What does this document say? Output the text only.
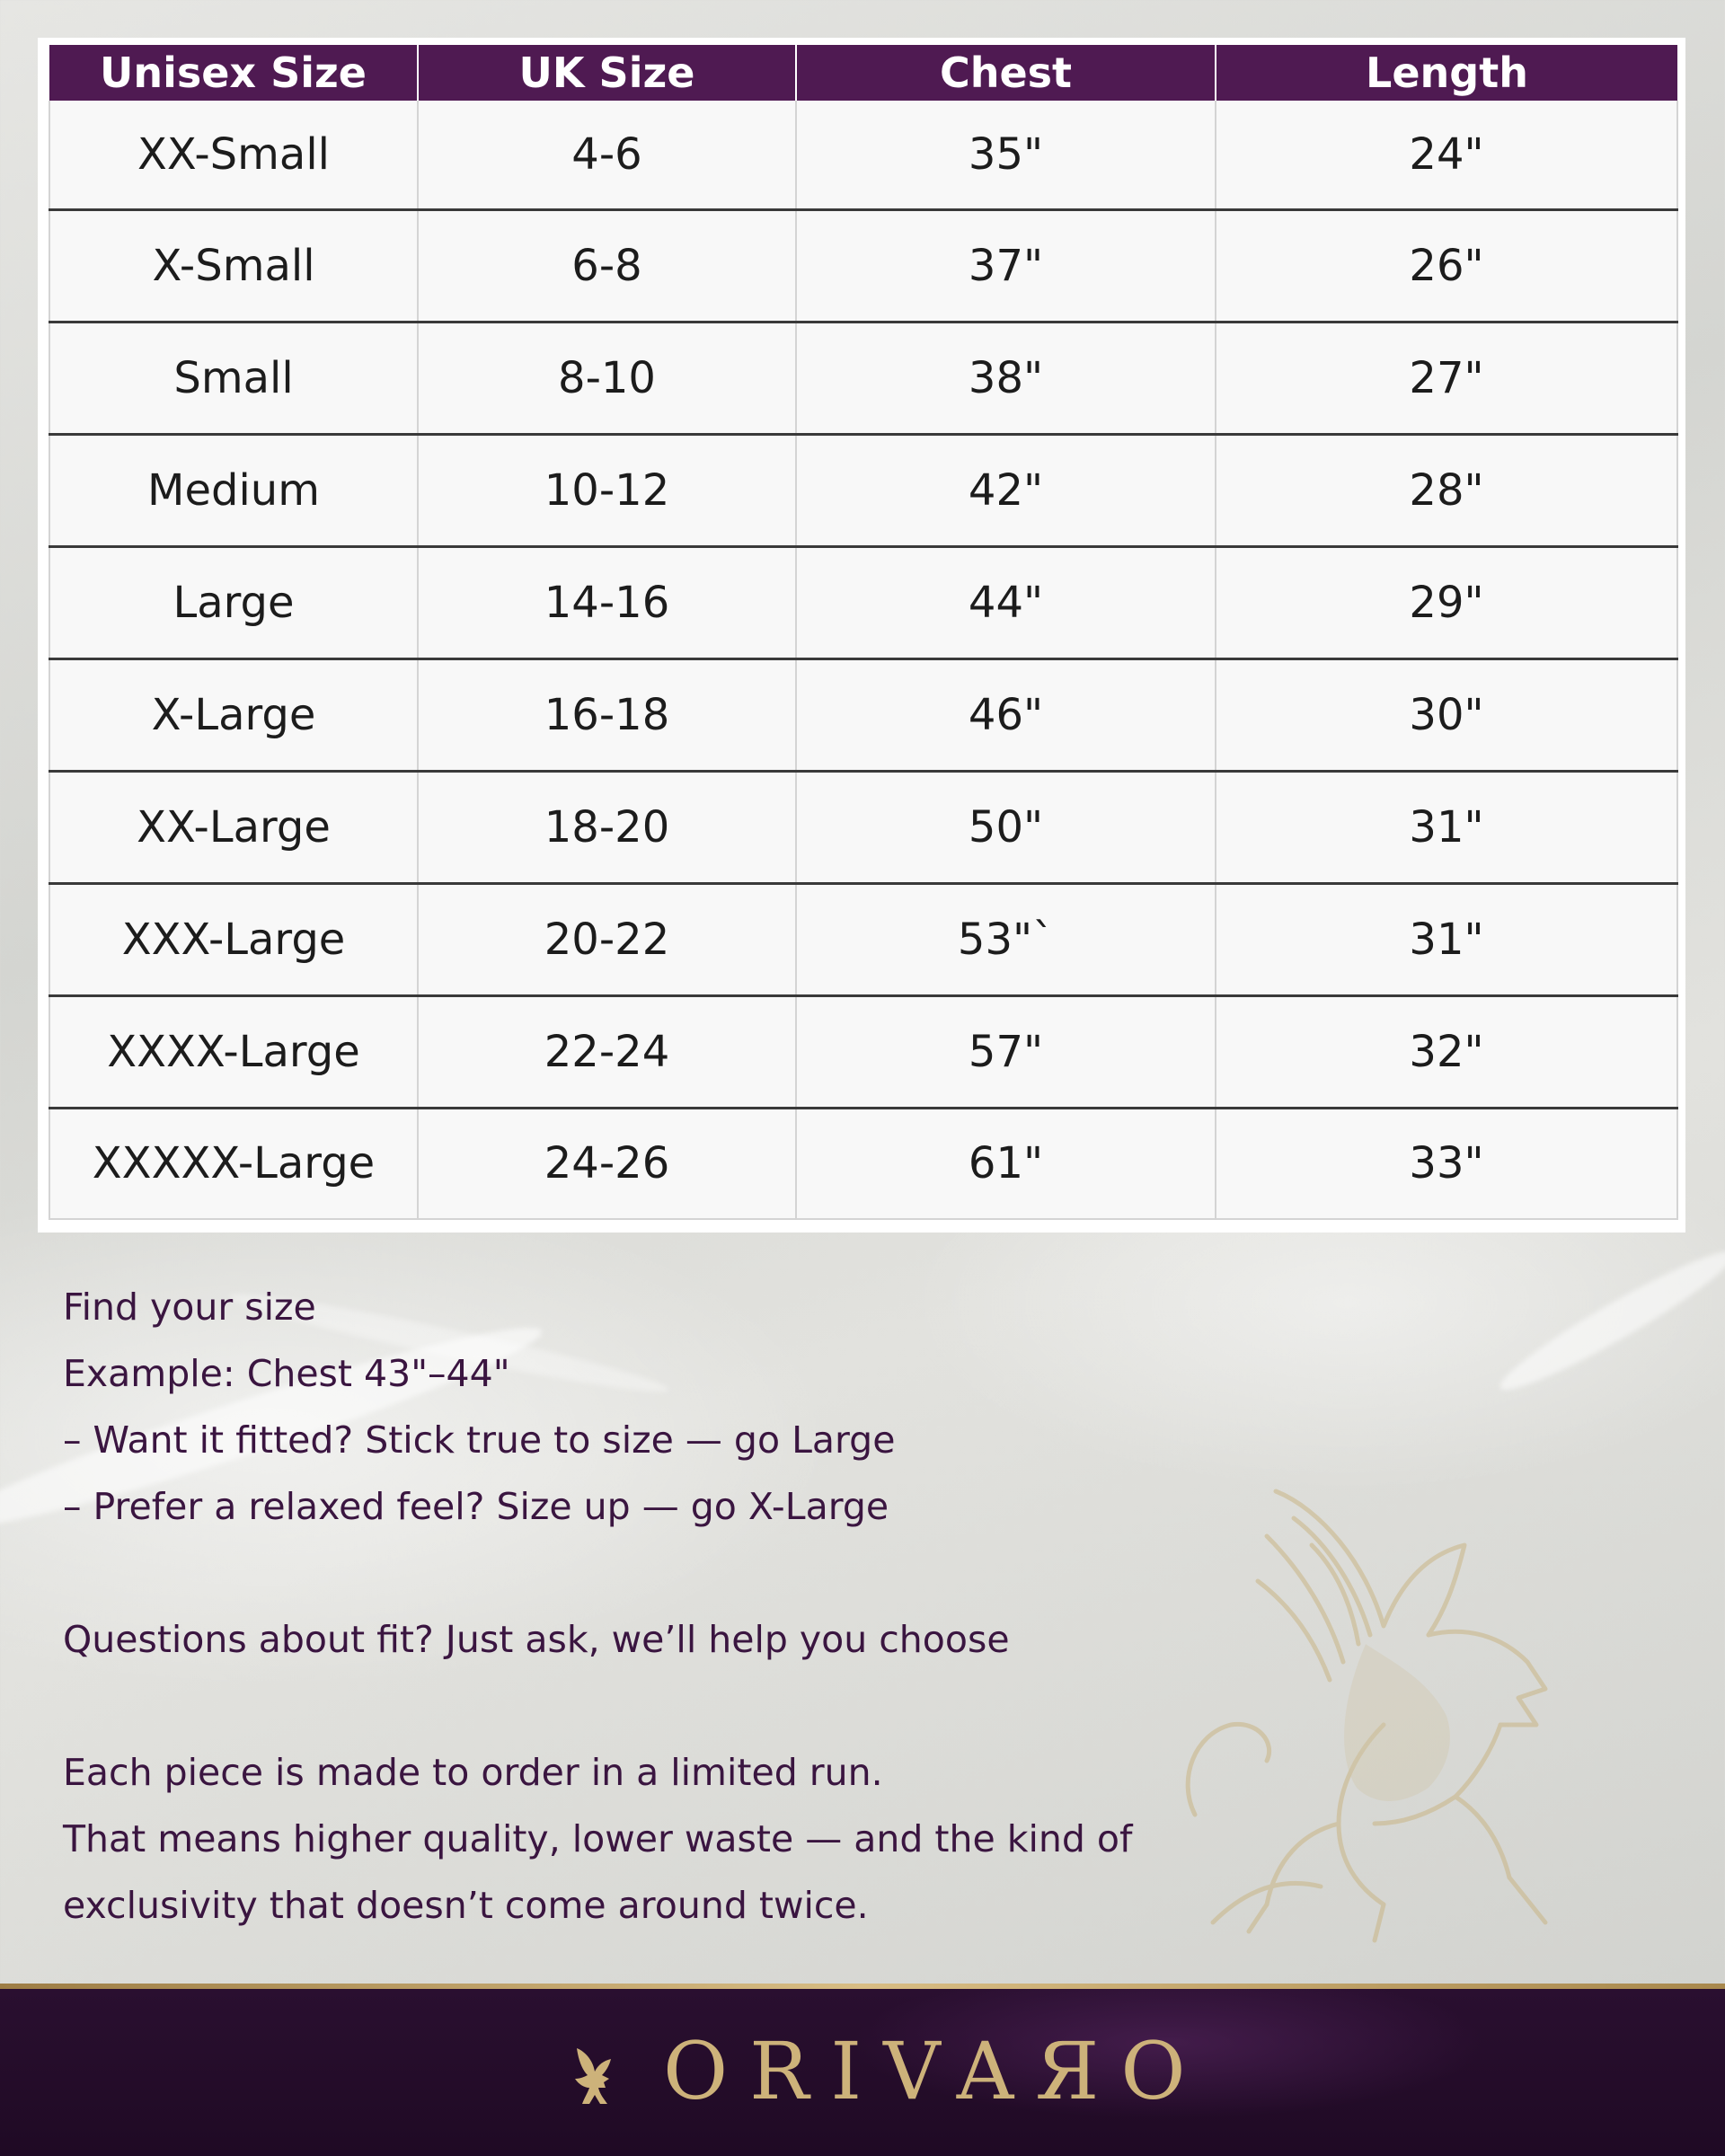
Unisex Size	UK Size	Chest	Length
XX-Small	4-6	35"	24"
X-Small	6-8	37"	26"
Small	8-10	38"	27"
Medium	10-12	42"	28"
Large	14-16	44"	29"
X-Large	16-18	46"	30"
XX-Large	18-20	50"	31"
XXX-Large	20-22	53"`	31"
XXXX-Large	22-24	57"	32"
XXXXX-Large	24-26	61"	33"
Find your size
Example: Chest 43"–44"
– Want it fitted? Stick true to size — go Large
– Prefer a relaxed feel? Size up — go X-Large
Questions about fit? Just ask, we’ll help you choose
Each piece is made to order in a limited run.
That means higher quality, lower waste — and the kind of
exclusivity that doesn’t come around twice.
ORIVAЯO
